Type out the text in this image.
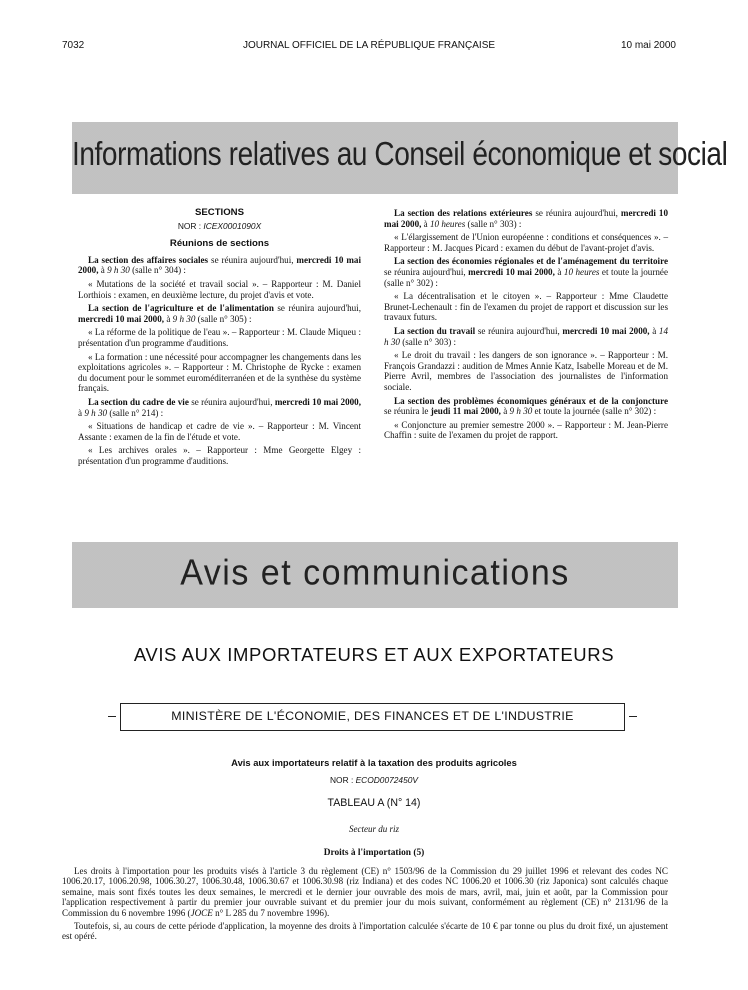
7032	JOURNAL OFFICIEL DE LA RÉPUBLIQUE FRANÇAISE	10 mai 2000
Informations relatives au Conseil économique et social
SECTIONS
NOR : ICEX0001090X
Réunions de sections

La section des affaires sociales se réunira aujourd'hui, mercredi 10 mai 2000, à 9 h 30 (salle n° 304) :

« Mutations de la société et travail social ». – Rapporteur : M. Daniel Lorthiois : examen, en deuxième lecture, du projet d'avis et vote.

La section de l'agriculture et de l'alimentation se réunira aujourd'hui, mercredi 10 mai 2000, à 9 h 30 (salle n° 305) :

« La réforme de la politique de l'eau ». – Rapporteur : M. Claude Miqueu : présentation d'un programme d'auditions.

« La formation : une nécessité pour accompagner les changements dans les exploitations agricoles ». – Rapporteur : M. Christophe de Rycke : examen du document pour le sommet euroméditerranéen et de la synthèse du système français.

La section du cadre de vie se réunira aujourd'hui, mercredi 10 mai 2000, à 9 h 30 (salle n° 214) :

« Situations de handicap et cadre de vie ». – Rapporteur : M. Vincent Assante : examen de la fin de l'étude et vote.

« Les archives orales ». – Rapporteur : Mme Georgette Elgey : présentation d'un programme d'auditions.

La section des relations extérieures se réunira aujourd'hui, mercredi 10 mai 2000, à 10 heures (salle n° 303) :

« L'élargissement de l'Union européenne : conditions et conséquences ». – Rapporteur : M. Jacques Picard : examen du début de l'avant-projet d'avis.

La section des économies régionales et de l'aménagement du territoire se réunira aujourd'hui, mercredi 10 mai 2000, à 10 heures et toute la journée (salle n° 302) :

« La décentralisation et le citoyen ». – Rapporteur : Mme Claudette Brunet-Lechenault : fin de l'examen du projet de rapport et discussion sur les travaux futurs.

La section du travail se réunira aujourd'hui, mercredi 10 mai 2000, à 14 h 30 (salle n° 303) :

« Le droit du travail : les dangers de son ignorance ». – Rapporteur : M. François Grandazzi : audition de Mmes Annie Katz, Isabelle Moreau et de M. Pierre Avril, membres de l'association des journalistes de l'information sociale.

La section des problèmes économiques généraux et de la conjoncture se réunira le jeudi 11 mai 2000, à 9 h 30 et toute la journée (salle n° 302) :

« Conjoncture au premier semestre 2000 ». – Rapporteur : M. Jean-Pierre Chaffin : suite de l'examen du projet de rapport.

Avis et communications
AVIS AUX IMPORTATEURS ET AUX EXPORTATEURS
MINISTÈRE DE L'ÉCONOMIE, DES FINANCES ET DE L'INDUSTRIE
Avis aux importateurs relatif à la taxation des produits agricoles
NOR : ECOD0072450V
TABLEAU A (N° 14)
Secteur du riz
Droits à l'importation (5)

Les droits à l'importation pour les produits visés à l'article 3 du règlement (CE) n° 1503/96 de la Commission du 29 juillet 1996 et relevant des codes NC 1006.20.17, 1006.20.98, 1006.30.27, 1006.30.48, 1006.30.67 et 1006.30.98 (riz Indiana) et des codes NC 1006.20 et 1006.30 (riz Japonica) sont calculés chaque semaine, mais sont fixés toutes les deux semaines, le mercredi et le dernier jour ouvrable des mois de mars, avril, mai, juin et août, par la Commission pour l'application respectivement à partir du premier jour ouvrable suivant et du premier jour du mois suivant, conformément au règlement (CE) n° 2131/96 de la Commission du 6 novembre 1996 (JOCE n° L 285 du 7 novembre 1996).

Toutefois, si, au cours de cette période d'application, la moyenne des droits à l'importation calculée s'écarte de 10 € par tonne ou plus du droit fixé, un ajustement est opéré.
